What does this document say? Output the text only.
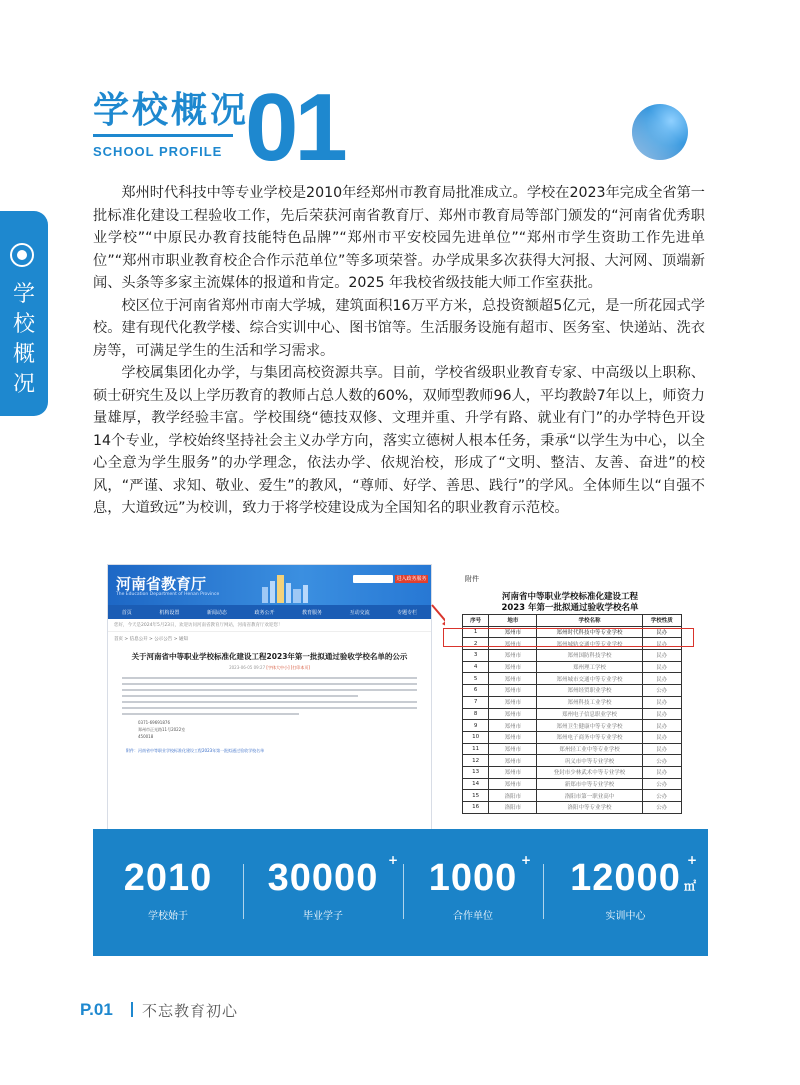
学校概况
SCHOOL PROFILE 01
学校概况

郑州时代科技中等专业学校是2010年经郑州市教育局批准成立。学校在2023年完成全省第一批标准化建设工程验收工作，先后荣获河南省教育厅、郑州市教育局等部门颁发的“河南省优秀职业学校”“中原民办教育技能特色品牌”“郑州市平安校园先进单位”“郑州市学生资助工作先进单位”“郑州市职业教育校企合作示范单位”等多项荣誉。办学成果多次获得大河报、大河网、顶端新闻、头条等多家主流媒体的报道和肯定。2025 年我校省级技能大师工作室获批。

校区位于河南省郑州市南大学城，建筑面积16万平方米，总投资额超5亿元，是一所花园式学校。建有现代化教学楼、综合实训中心、图书馆等。生活服务设施有超市、医务室、快递站、洗衣房等，可满足学生的生活和学习需求。

学校属集团化办学，与集团高校资源共享。目前，学校省级职业教育专家、中高级以上职称、硕士研究生及以上学历教育的教师占总人数的60%，双师型教师96人，平均教龄7年以上，师资力量雄厚，教学经验丰富。学校围绕“德技双修、文理并重、升学有路、就业有门”的办学特色开设 14个专业，学校始终坚持社会主义办学方向，落实立德树人根本任务，秉承“以学生为中心，以全心全意为学生服务”的办学理念，依法办学、依规治校，形成了“文明、整洁、友善、奋进”的校风，“严谨、求知、敬业、爱生”的教风，“尊师、好学、善思、践行”的学风。全体师生以“自强不息，大道致远”为校训，致力于将学校建设成为全国知名的职业教育示范校。

河南省教育厅
The Education Department of Henan Province
进入政务服务
首页	机构设置	新闻动态	政务公开	教育服务	互动交流	专题专栏
您好，今天是2024年5月23日，欢迎访问河南省教育厅网站，河南省教育厅欢迎您！
首页 > 信息公开 > 公示公告 > 通知
关于河南省中等职业学校标准化建设工程2023年第一批拟通过验收学校名单的公示
2023-06-05 09:27 [字体大中小] [打印本页]
0371-69691876
郑州市正光路11号2022室
450018
附件：河南省中等职业学校标准化建设工程2023年第一批拟通过验收学校名单
附件
河南省中等职业学校标准化建设工程
2023 年第一批拟通过验收学校名单
序号	地市	学校名称	学校性质
1	郑州市	郑州时代科技中等专业学校	民办
2	郑州市	郑州城轨交通中等专业学校	民办
3	郑州市	郑州国防科技学校	民办
4	郑州市	郑州理工学校	民办
5	郑州市	郑州城市交通中等专业学校	民办
6	郑州市	郑州经贸职业学校	公办
7	郑州市	郑州科技工业学校	民办
8	郑州市	郑州电子信息职业学校	民办
9	郑州市	郑州卫生健康中等专业学校	民办
10	郑州市	郑州电子商务中等专业学校	民办
11	郑州市	郑州轻工业中等专业学校	民办
12	郑州市	巩义市中等专业学校	公办
13	郑州市	登封市少林武术中等专业学校	民办
14	郑州市	新郑市中等专业学校	公办
15	洛阳市	洛阳市第一职业高中	公办
16	洛阳市	洛阳中等专业学校	公办
2010
学校始于
30000 +
毕业学子
1000 +
合作单位
12000 +
㎡
实训中心
P.01 不忘教育初心
